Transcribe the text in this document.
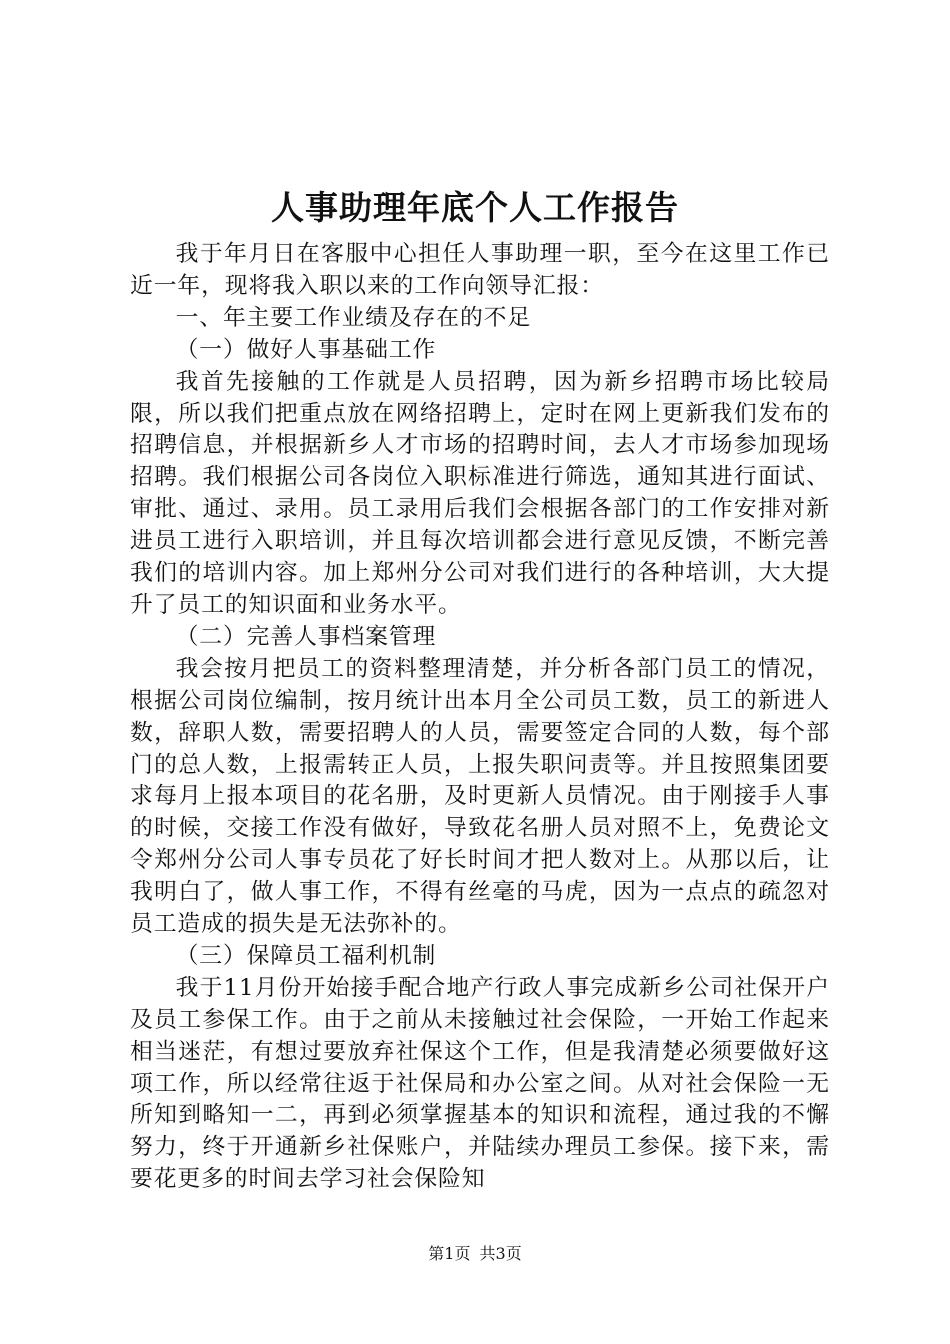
人事助理年底个人工作报告

我于年月日在客服中心担任人事助理一职，至今在这里工作已近一年，现将我入职以来的工作向领导汇报：

一、年主要工作业绩及存在的不足

（一）做好人事基础工作

我首先接触的工作就是人员招聘，因为新乡招聘市场比较局限，所以我们把重点放在网络招聘上，定时在网上更新我们发布的招聘信息，并根据新乡人才市场的招聘时间，去人才市场参加现场招聘。我们根据公司各岗位入职标准进行筛选，通知其进行面试、审批、通过、录用。员工录用后我们会根据各部门的工作安排对新进员工进行入职培训，并且每次培训都会进行意见反馈，不断完善我们的培训内容。加上郑州分公司对我们进行的各种培训，大大提升了员工的知识面和业务水平。

（二）完善人事档案管理

我会按月把员工的资料整理清楚，并分析各部门员工的情况，根据公司岗位编制，按月统计出本月全公司员工数，员工的新进人数，辞职人数，需要招聘人的人员，需要签定合同的人数，每个部门的总人数，上报需转正人员，上报失职问责等。并且按照集团要求每月上报本项目的花名册，及时更新人员情况。由于刚接手人事的时候，交接工作没有做好，导致花名册人员对照不上，免费论文令郑州分公司人事专员花了好长时间才把人数对上。从那以后，让我明白了，做人事工作，不得有丝毫的马虎，因为一点点的疏忽对员工造成的损失是无法弥补的。

（三）保障员工福利机制

我于11月份开始接手配合地产行政人事完成新乡公司社保开户及员工参保工作。由于之前从未接触过社会保险，一开始工作起来相当迷茫，有想过要放弃社保这个工作，但是我清楚必须要做好这项工作，所以经常往返于社保局和办公室之间。从对社会保险一无所知到略知一二，再到必须掌握基本的知识和流程，通过我的不懈努力，终于开通新乡社保账户，并陆续办理员工参保。接下来，需要花更多的时间去学习社会保险知

第1页 共3页
